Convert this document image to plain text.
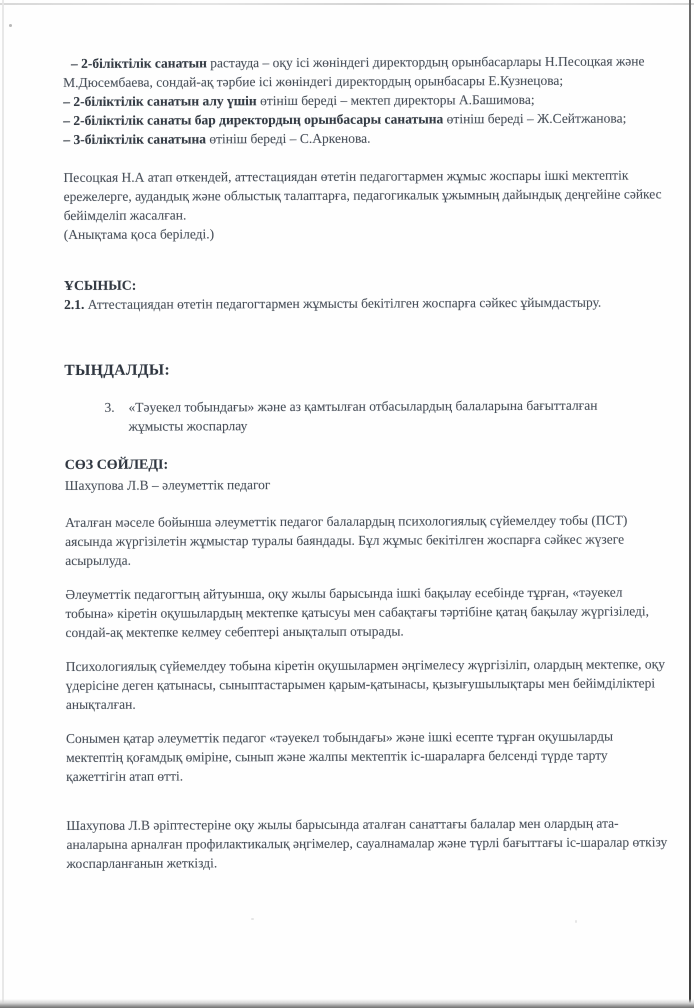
– 2-біліктілік санатын растауда – оқу ісі жөніндегі директордың орынбасарлары Н.Песоцкая және М.Дюсембаева, сондай-ақ тәрбие ісі жөніндегі директордың орынбасары Е.Кузнецова;

– 2-біліктілік санатын алу үшін өтініш береді – мектеп директоры А.Башимова;

– 2-біліктілік санаты бар директордың орынбасары санатына өтініш береді – Ж.Сейтжанова;

– 3-біліктілік санатына өтініш береді – С.Аркенова.

Песоцкая Н.А атап өткендей, аттестациядан өтетін педагогтармен жұмыс жоспары ішкі мектептік ережелерге, аудандық және облыстық талаптарға, педагогикалык ұжымның дайындық деңгейіне сәйкес бейімделіп жасалған.

(Анықтама қоса беріледі.)

ҰСЫНЫС:

2.1. Аттестациядан өтетін педагогтармен жұмысты бекітілген жоспарға сәйкес ұйымдастыру.

ТЫҢДАЛДЫ:

3.	«Тәуекел тобындағы» және аз қамтылған отбасылардың балаларына бағытталған жұмысты жоспарлау

СӨЗ СӨЙЛЕДІ:

Шахупова Л.В – әлеуметтік педагог

Аталған мәселе бойынша әлеуметтік педагог балалардың психологиялық сүйемелдеу тобы (ПСТ) аясында жүргізілетін жұмыстар туралы баяндады. Бұл жұмыс бекітілген жоспарға сәйкес жүзеге асырылуда.

Әлеуметтік педагогтың айтуынша, оқу жылы барысында ішкі бақылау есебінде тұрған, «тәуекел тобына» кіретін оқушылардың мектепке қатысуы мен сабақтағы тәртібіне қатаң бақылау жүргізіледі, сондай-ақ мектепке келмеу себептері анықталып отырады.

Психологиялық сүйемелдеу тобына кіретін оқушылармен әңгімелесу жүргізіліп, олардың мектепке, оқу үдерісіне деген қатынасы, сыныптастарымен қарым-қатынасы, қызығушылықтары мен бейімділіктері анықталған.

Сонымен қатар әлеуметтік педагог «тәуекел тобындағы» және ішкі есепте тұрған оқушыларды мектептің қоғамдық өміріне, сынып және жалпы мектептік іс-шараларға белсенді түрде тарту қажеттігін атап өтті.

Шахупова Л.В әріптестеріне оқу жылы барысында аталған санаттағы балалар мен олардың ата-аналарына арналған профилактикалық әңгімелер, сауалнамалар және түрлі бағыттағы іс-шаралар өткізу жоспарланғанын жеткізді.
